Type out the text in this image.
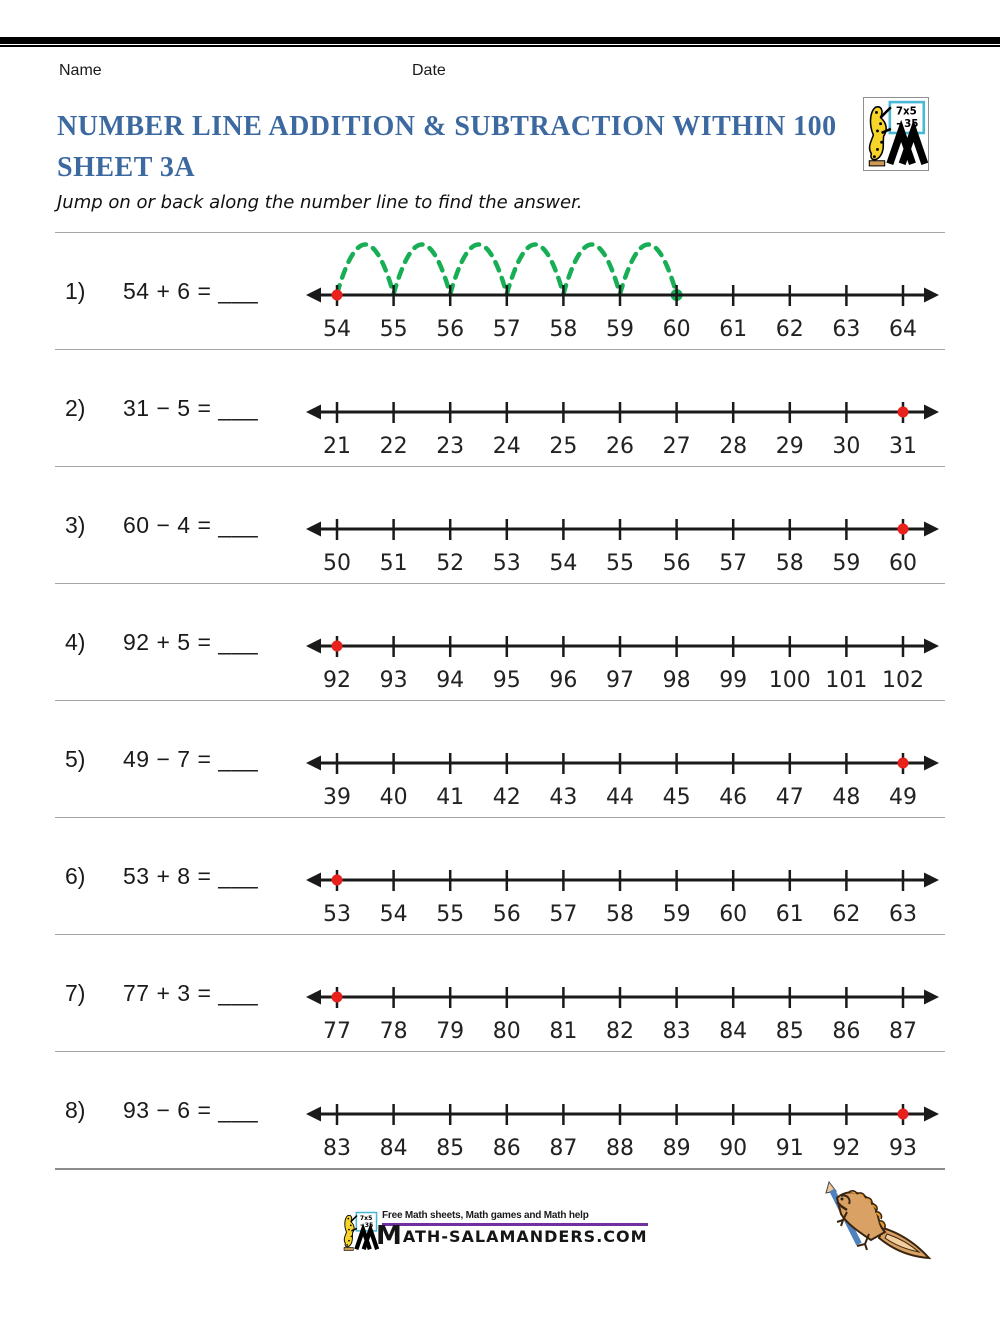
Name	Date
7x5
- 35
NUMBER LINE ADDITION & SUBTRACTION WITHIN 100
SHEET 3A
Jump on or back along the number line to find the answer.
1)	54 + 6 = ___
54 55 56 57 58 59 60 61 62 63 64
2)	31 − 5 = ___
21 22 23 24 25 26 27 28 29 30 31
3)	60 − 4 = ___
50 51 52 53 54 55 56 57 58 59 60
4)	92 + 5 = ___
92 93 94 95 96 97 98 99 100 101 102
5)	49 − 7 = ___
39 40 41 42 43 44 45 46 47 48 49
6)	53 + 8 = ___
53 54 55 56 57 58 59 60 61 62 63
7)	77 + 3 = ___
77 78 79 80 81 82 83 84 85 86 87
8)	93 − 6 = ___
83 84 85 86 87 88 89 90 91 92 93
7x5
- 35
Free Math sheets, Math games and Math help
MATH-SALAMANDERS.COM
